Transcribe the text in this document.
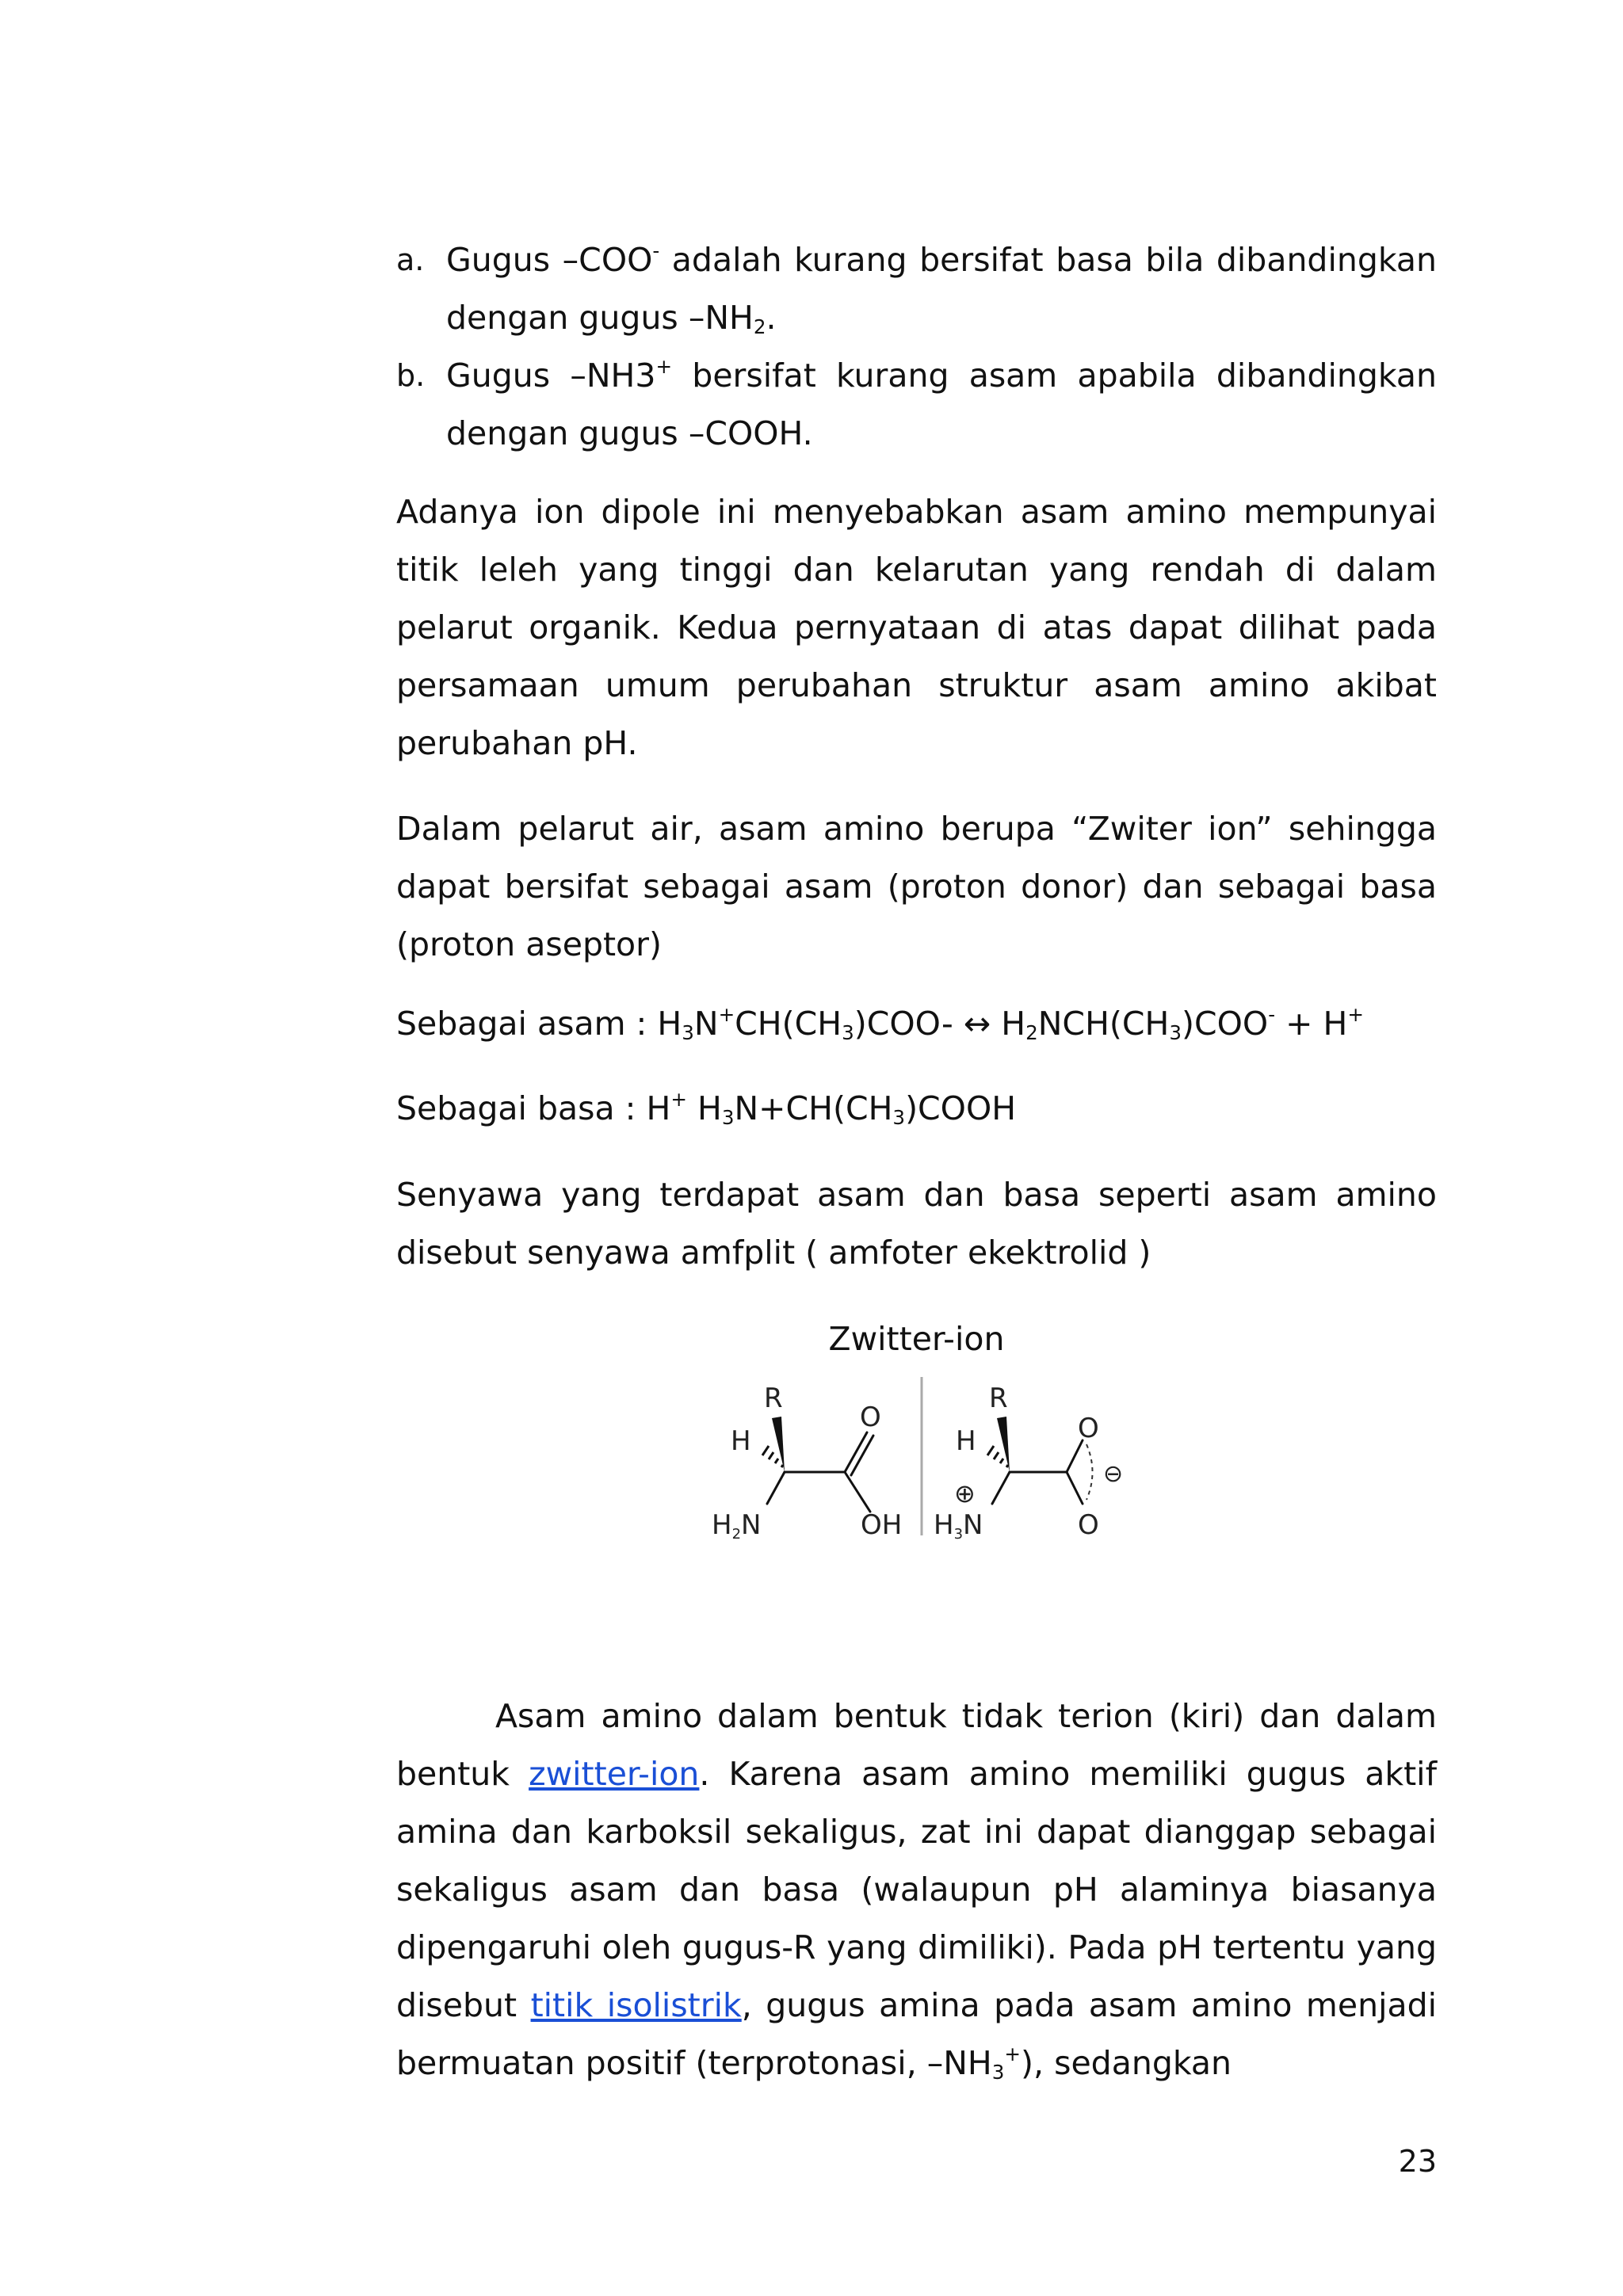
a. Gugus –COO- adalah kurang bersifat basa bila dibandingkan dengan gugus $-NH_2$.
b. Gugus –NH3+ bersifat kurang asam apabila dibandingkan dengan gugus –COOH.
Adanya ion dipole ini menyebabkan asam amino mempunyai titik leleh yang tinggi dan kelarutan yang rendah di dalam pelarut organik. Kedua pernyataan di atas dapat dilihat pada persamaan umum perubahan struktur asam amino akibat perubahan pH.
Dalam pelarut air, asam amino berupa “Zwiter ion” sehingga dapat bersifat sebagai asam (proton donor) dan sebagai basa (proton aseptor)
Sebagai asam : $H_3N^+CH(CH_3)COO-$ ↔ $H_2NCH(CH_3)COO^- + H^+$
Sebagai basa : H+ $H_3N+CH(CH_3)COOH$
Senyawa yang terdapat asam dan basa seperti asam amino disebut senyawa amfplit ( amfoter ekektrolid )
Zwitter-ion
R
H
O
OH
H2N
R
H	O
O
⊖
⊕
H3N
Asam amino dalam bentuk tidak terion (kiri) dan dalam bentuk zwitter-ion. Karena asam amino memiliki gugus aktif amina dan karboksil sekaligus, zat ini dapat dianggap sebagai sekaligus asam dan basa (walaupun pH alaminya biasanya dipengaruhi oleh gugus-R yang dimiliki). Pada pH tertentu yang disebut titik isolistrik, gugus amina pada asam amino menjadi bermuatan positif (terprotonasi, $-NH_3^+$), sedangkan
23
